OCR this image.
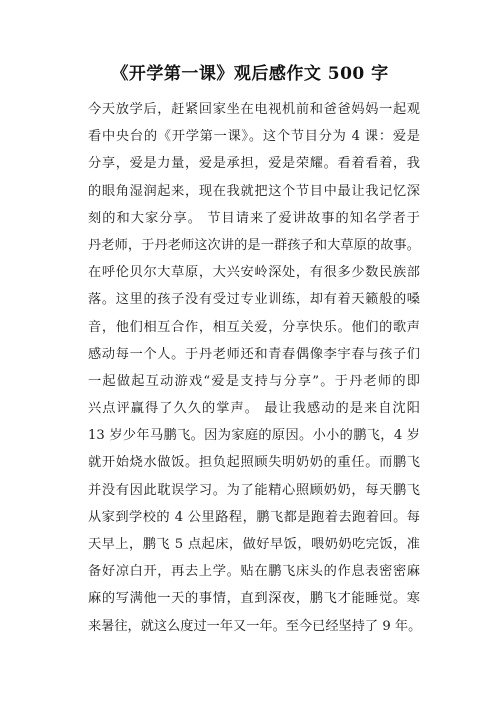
《开学第一课》观后感作文 500 字
今天放学后，赶紧回家坐在电视机前和爸爸妈妈一起观
看中央台的《开学第一课》。这个节目分为 4 课：爱是
分享，爱是力量，爱是承担，爱是荣耀。看着看着，我
的眼角湿润起来，现在我就把这个节目中最让我记忆深
刻的和大家分享。 节目请来了爱讲故事的知名学者于
丹老师，于丹老师这次讲的是一群孩子和大草原的故事。
在呼伦贝尔大草原，大兴安岭深处，有很多少数民族部
落。这里的孩子没有受过专业训练，却有着天籁般的嗓
音，他们相互合作，相互关爱，分享快乐。他们的歌声
感动每一个人。于丹老师还和青春偶像李宇春与孩子们
一起做起互动游戏“爱是支持与分享”。于丹老师的即
兴点评赢得了久久的掌声。 最让我感动的是来自沈阳
13 岁少年马鹏飞。因为家庭的原因。小小的鹏飞，4 岁
就开始烧水做饭。担负起照顾失明奶奶的重任。而鹏飞
并没有因此耽误学习。为了能精心照顾奶奶，每天鹏飞
从家到学校的 4 公里路程，鹏飞都是跑着去跑着回。每
天早上，鹏飞 5 点起床，做好早饭，喂奶奶吃完饭，准
备好凉白开，再去上学。贴在鹏飞床头的作息表密密麻
麻的写满他一天的事情，直到深夜，鹏飞才能睡觉。寒
来暑往，就这么度过一年又一年。至今已经坚持了 9 年。
